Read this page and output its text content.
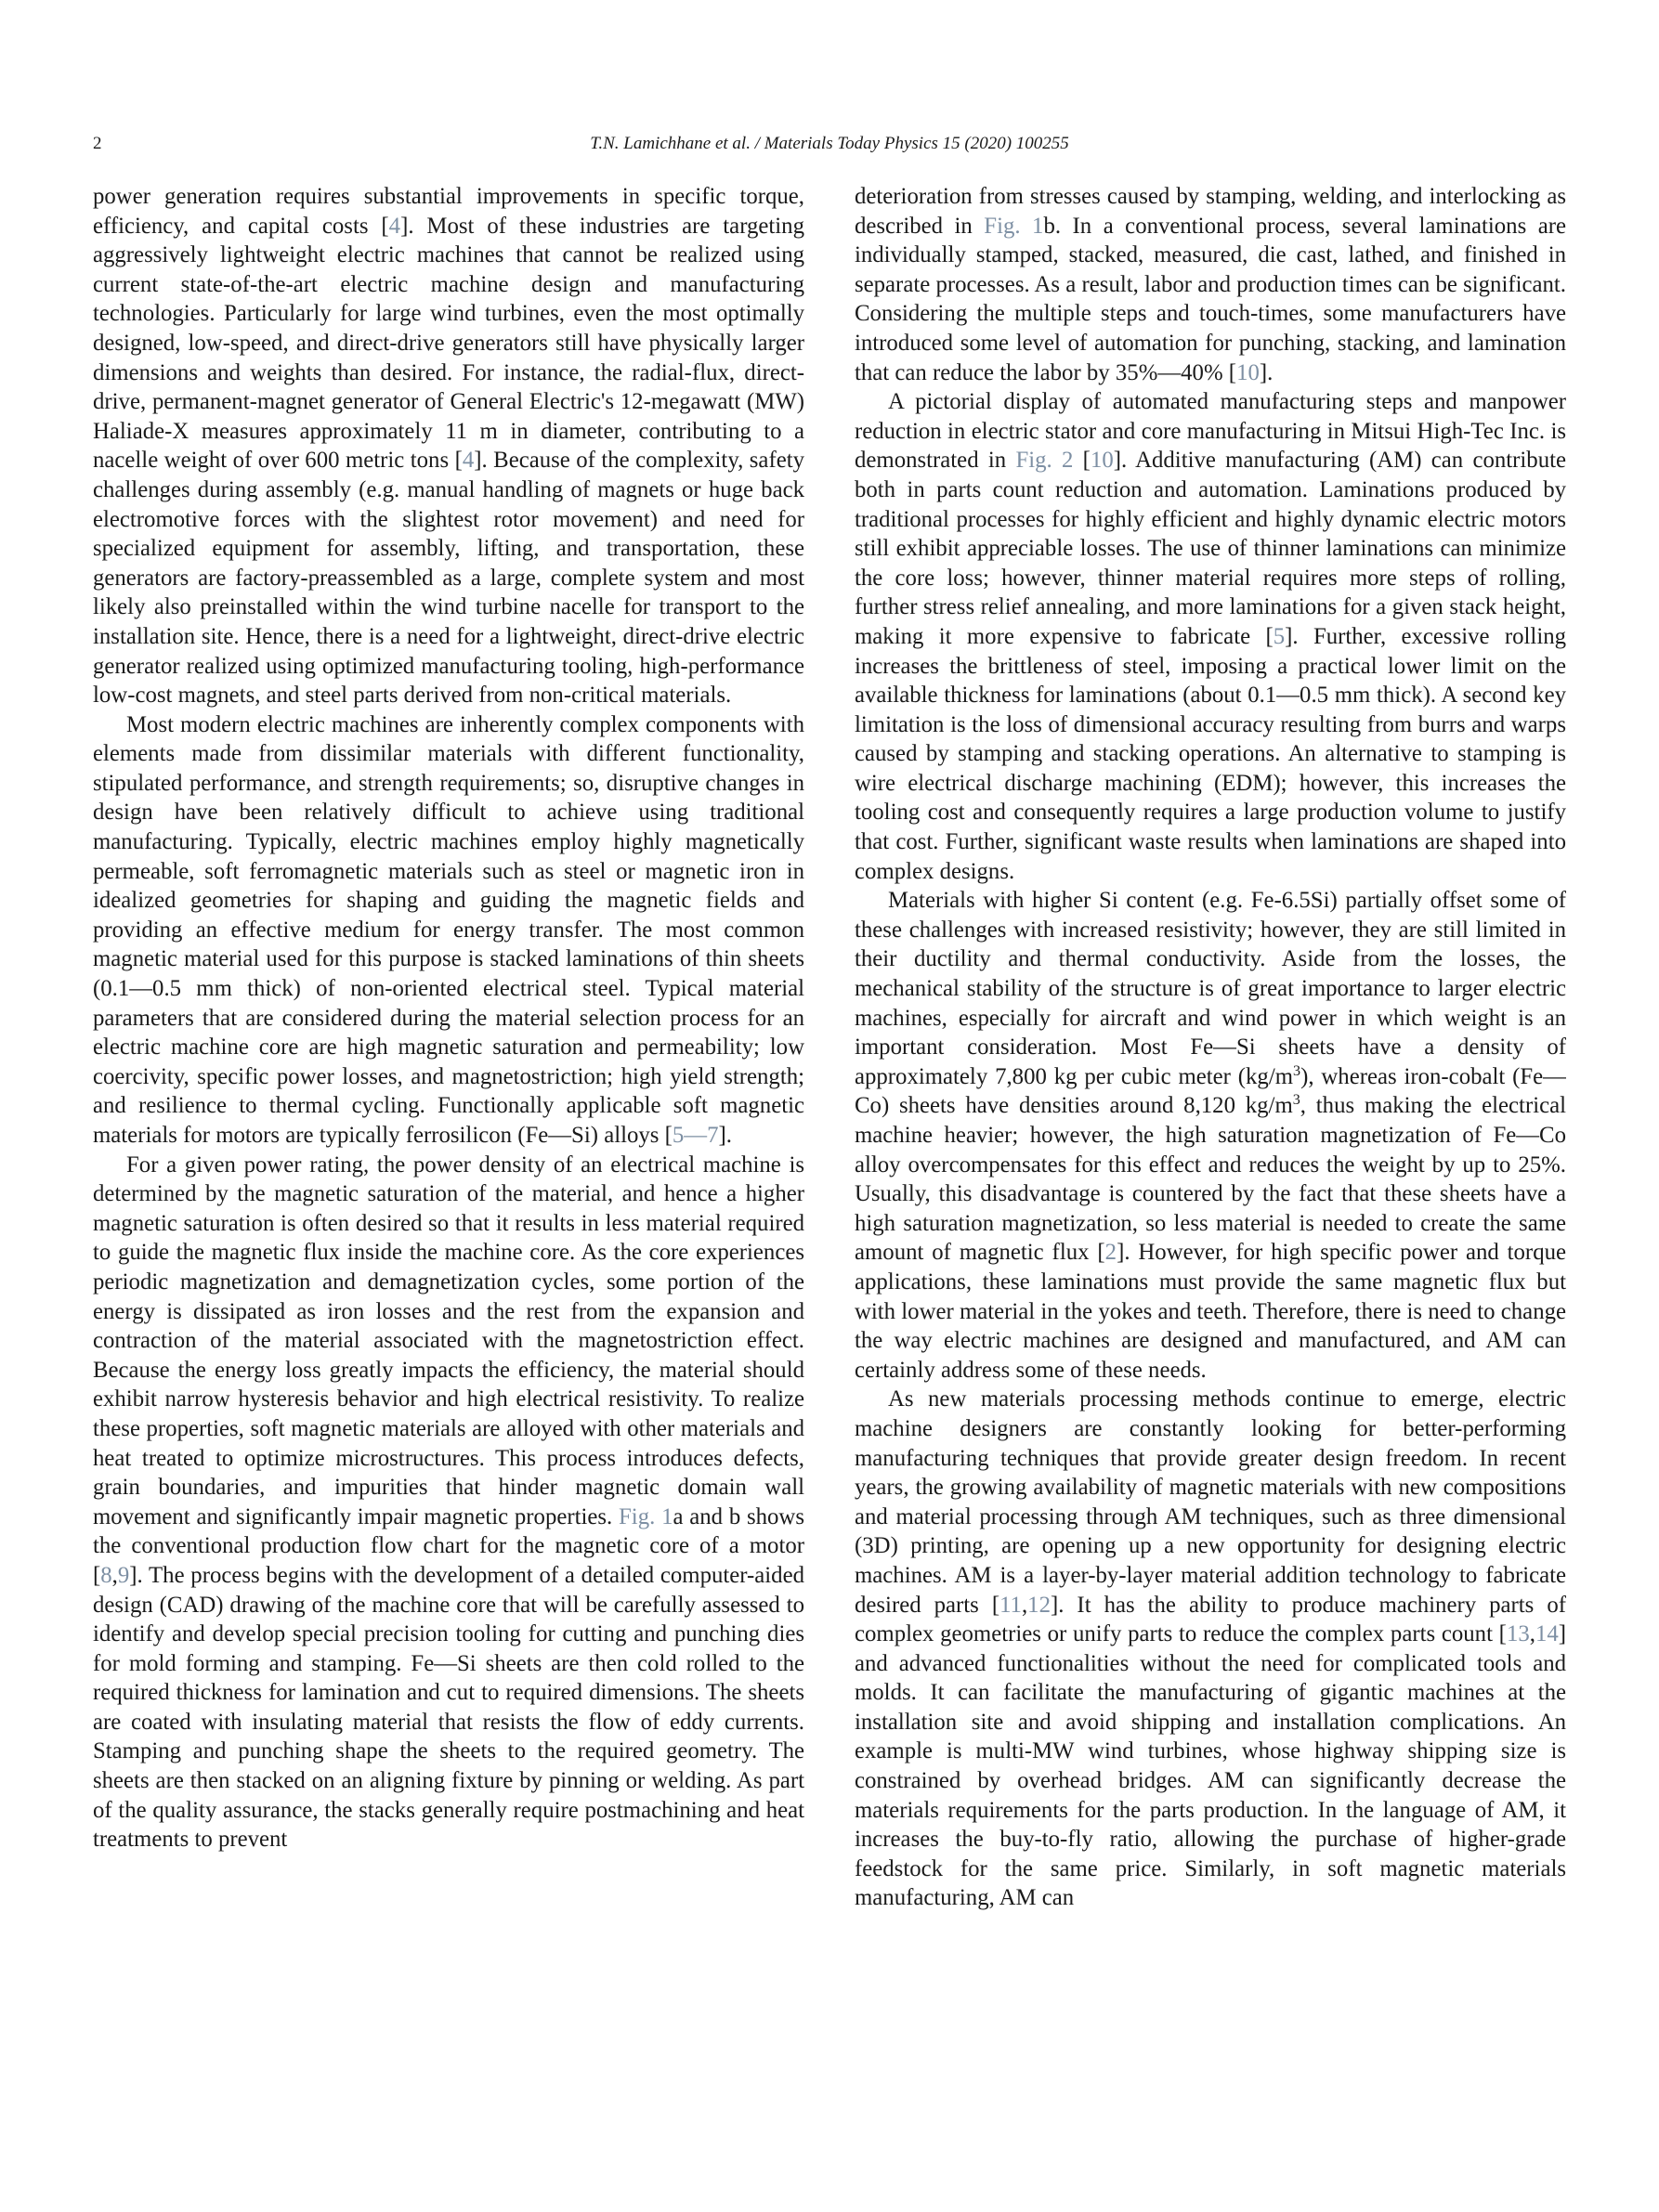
2	T.N. Lamichhane et al. / Materials Today Physics 15 (2020) 100255

power generation requires substantial improvements in specific torque, efficiency, and capital costs [4]. Most of these industries are targeting aggressively lightweight electric machines that cannot be realized using current state-of-the-art electric machine design and manufacturing technologies. Particularly for large wind turbines, even the most optimally designed, low-speed, and direct-drive generators still have physically larger dimensions and weights than desired. For instance, the radial-flux, direct-drive, permanent-magnet generator of General Electric's 12-megawatt (MW) Haliade-X measures approximately 11 m in diameter, contributing to a nacelle weight of over 600 metric tons [4]. Because of the complexity, safety challenges during assembly (e.g. manual handling of magnets or huge back electromotive forces with the slightest rotor movement) and need for specialized equipment for assembly, lifting, and transportation, these generators are factory-preassembled as a large, complete system and most likely also preinstalled within the wind turbine nacelle for transport to the installation site. Hence, there is a need for a lightweight, direct-drive electric generator realized using optimized manufacturing tooling, high-performance low-cost magnets, and steel parts derived from non-critical materials.

Most modern electric machines are inherently complex components with elements made from dissimilar materials with different functionality, stipulated performance, and strength requirements; so, disruptive changes in design have been relatively difficult to achieve using traditional manufacturing. Typically, electric machines employ highly magnetically permeable, soft ferromagnetic materials such as steel or magnetic iron in idealized geometries for shaping and guiding the magnetic fields and providing an effective medium for energy transfer. The most common magnetic material used for this purpose is stacked laminations of thin sheets (0.1—0.5 mm thick) of non-oriented electrical steel. Typical material parameters that are considered during the material selection process for an electric machine core are high magnetic saturation and permeability; low coercivity, specific power losses, and magnetostriction; high yield strength; and resilience to thermal cycling. Functionally applicable soft magnetic materials for motors are typically ferrosilicon (Fe—Si) alloys [5—7].

For a given power rating, the power density of an electrical machine is determined by the magnetic saturation of the material, and hence a higher magnetic saturation is often desired so that it results in less material required to guide the magnetic flux inside the machine core. As the core experiences periodic magnetization and demagnetization cycles, some portion of the energy is dissipated as iron losses and the rest from the expansion and contraction of the material associated with the magnetostriction effect. Because the energy loss greatly impacts the efficiency, the material should exhibit narrow hysteresis behavior and high electrical resistivity. To realize these properties, soft magnetic materials are alloyed with other materials and heat treated to optimize microstructures. This process introduces defects, grain boundaries, and impurities that hinder magnetic domain wall movement and significantly impair magnetic properties. Fig. 1a and b shows the conventional production flow chart for the magnetic core of a motor [8,9]. The process begins with the development of a detailed computer-aided design (CAD) drawing of the machine core that will be carefully assessed to identify and develop special precision tooling for cutting and punching dies for mold forming and stamping. Fe—Si sheets are then cold rolled to the required thickness for lamination and cut to required dimensions. The sheets are coated with insulating material that resists the flow of eddy currents. Stamping and punching shape the sheets to the required geometry. The sheets are then stacked on an aligning fixture by pinning or welding. As part of the quality assurance, the stacks generally require postmachining and heat treatments to prevent

deterioration from stresses caused by stamping, welding, and interlocking as described in Fig. 1b. In a conventional process, several laminations are individually stamped, stacked, measured, die cast, lathed, and finished in separate processes. As a result, labor and production times can be significant. Considering the multiple steps and touch-times, some manufacturers have introduced some level of automation for punching, stacking, and lamination that can reduce the labor by 35%—40% [10].

A pictorial display of automated manufacturing steps and manpower reduction in electric stator and core manufacturing in Mitsui High-Tec Inc. is demonstrated in Fig. 2 [10]. Additive manufacturing (AM) can contribute both in parts count reduction and automation. Laminations produced by traditional processes for highly efficient and highly dynamic electric motors still exhibit appreciable losses. The use of thinner laminations can minimize the core loss; however, thinner material requires more steps of rolling, further stress relief annealing, and more laminations for a given stack height, making it more expensive to fabricate [5]. Further, excessive rolling increases the brittleness of steel, imposing a practical lower limit on the available thickness for laminations (about 0.1—0.5 mm thick). A second key limitation is the loss of dimensional accuracy resulting from burrs and warps caused by stamping and stacking operations. An alternative to stamping is wire electrical discharge machining (EDM); however, this increases the tooling cost and consequently requires a large production volume to justify that cost. Further, significant waste results when laminations are shaped into complex designs.

Materials with higher Si content (e.g. Fe-6.5Si) partially offset some of these challenges with increased resistivity; however, they are still limited in their ductility and thermal conductivity. Aside from the losses, the mechanical stability of the structure is of great importance to larger electric machines, especially for aircraft and wind power in which weight is an important consideration. Most Fe—Si sheets have a density of approximately 7,800 kg per cubic meter $(kg/m^3)$, whereas iron-cobalt (Fe—Co) sheets have densities around 8,120 $kg/m^3$, thus making the electrical machine heavier; however, the high saturation magnetization of Fe—Co alloy overcompensates for this effect and reduces the weight by up to 25%. Usually, this disadvantage is countered by the fact that these sheets have a high saturation magnetization, so less material is needed to create the same amount of magnetic flux [2]. However, for high specific power and torque applications, these laminations must provide the same magnetic flux but with lower material in the yokes and teeth. Therefore, there is need to change the way electric machines are designed and manufactured, and AM can certainly address some of these needs.

As new materials processing methods continue to emerge, electric machine designers are constantly looking for better-performing manufacturing techniques that provide greater design freedom. In recent years, the growing availability of magnetic materials with new compositions and material processing through AM techniques, such as three dimensional (3D) printing, are opening up a new opportunity for designing electric machines. AM is a layer-by-layer material addition technology to fabricate desired parts [11,12]. It has the ability to produce machinery parts of complex geometries or unify parts to reduce the complex parts count [13,14] and advanced functionalities without the need for complicated tools and molds. It can facilitate the manufacturing of gigantic machines at the installation site and avoid shipping and installation complications. An example is multi-MW wind turbines, whose highway shipping size is constrained by overhead bridges. AM can significantly decrease the materials requirements for the parts production. In the language of AM, it increases the buy-to-fly ratio, allowing the purchase of higher-grade feedstock for the same price. Similarly, in soft magnetic materials manufacturing, AM can
